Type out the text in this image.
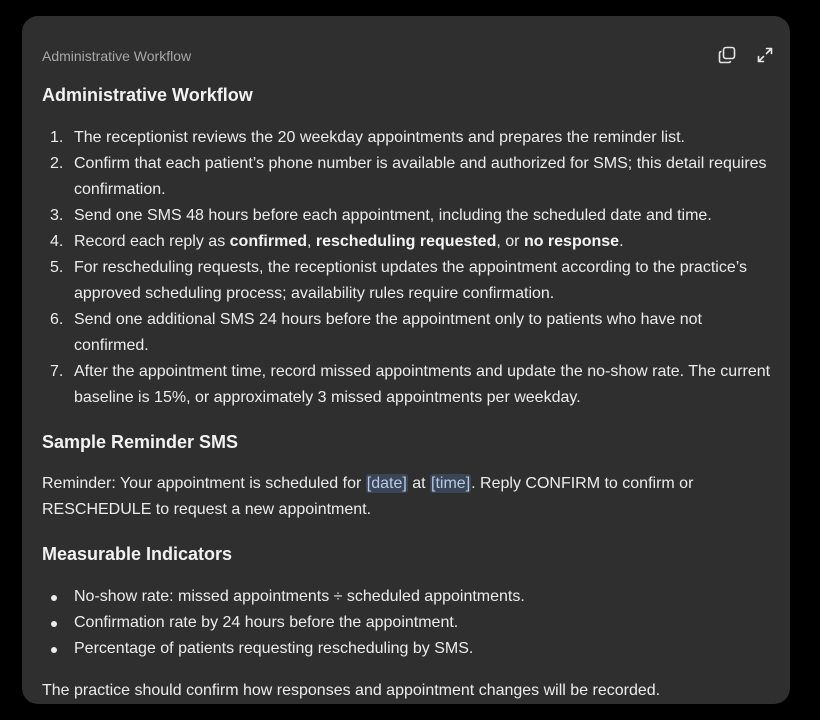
Administrative Workflow
Administrative Workflow
1. The receptionist reviews the 20 weekday appointments and prepares the reminder list.
2. Confirm that each patient’s phone number is available and authorized for SMS; this detail requires confirmation.
3. Send one SMS 48 hours before each appointment, including the scheduled date and time.
4. Record each reply as confirmed, rescheduling requested, or no response.
5. For rescheduling requests, the receptionist updates the appointment according to the practice’s approved scheduling process; availability rules require confirmation.
6. Send one additional SMS 24 hours before the appointment only to patients who have not confirmed.
7. After the appointment time, record missed appointments and update the no-show rate. The current baseline is 15%, or approximately 3 missed appointments per weekday.
Sample Reminder SMS
Reminder: Your appointment is scheduled for [date] at [time]. Reply CONFIRM to confirm or RESCHEDULE to request a new appointment.
Measurable Indicators
No-show rate: missed appointments ÷ scheduled appointments.
Confirmation rate by 24 hours before the appointment.
Percentage of patients requesting rescheduling by SMS.
The practice should confirm how responses and appointment changes will be recorded.
